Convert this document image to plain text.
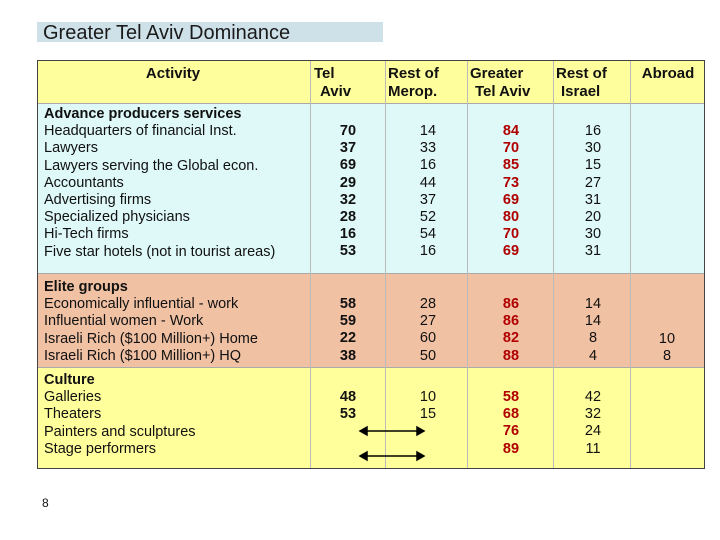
Greater Tel Aviv Dominance
Activity	Tel
Aviv
Rest of
Merop.
Greater
Tel Aviv
Rest of
Israel
Abroad
Advance producers services
Headquarters of financial Inst.
Lawyers
Lawyers serving the Global econ.
Accountants
Advertising firms
Specialized physicians
Hi-Tech firms
Five star hotels (not in tourist areas)
70
37
69
29
32
28
16
53
14
33
16
44
37
52
54
16
84
70
85
73
69
80
70
69
16
30
15
27
31
20
30
31
Elite groups
Economically influential - work
Influential women - Work
Israeli Rich ($100 Million+) Home
Israeli Rich ($100 Million+) HQ
58
59
22
38
28
27
60
50
86
86
82
88
14
14
8
4
10
8
Culture
Galleries
Theaters
Painters and sculptures
Stage performers
48
53
10
15
58
68
76
89
42
32
24
11
8
